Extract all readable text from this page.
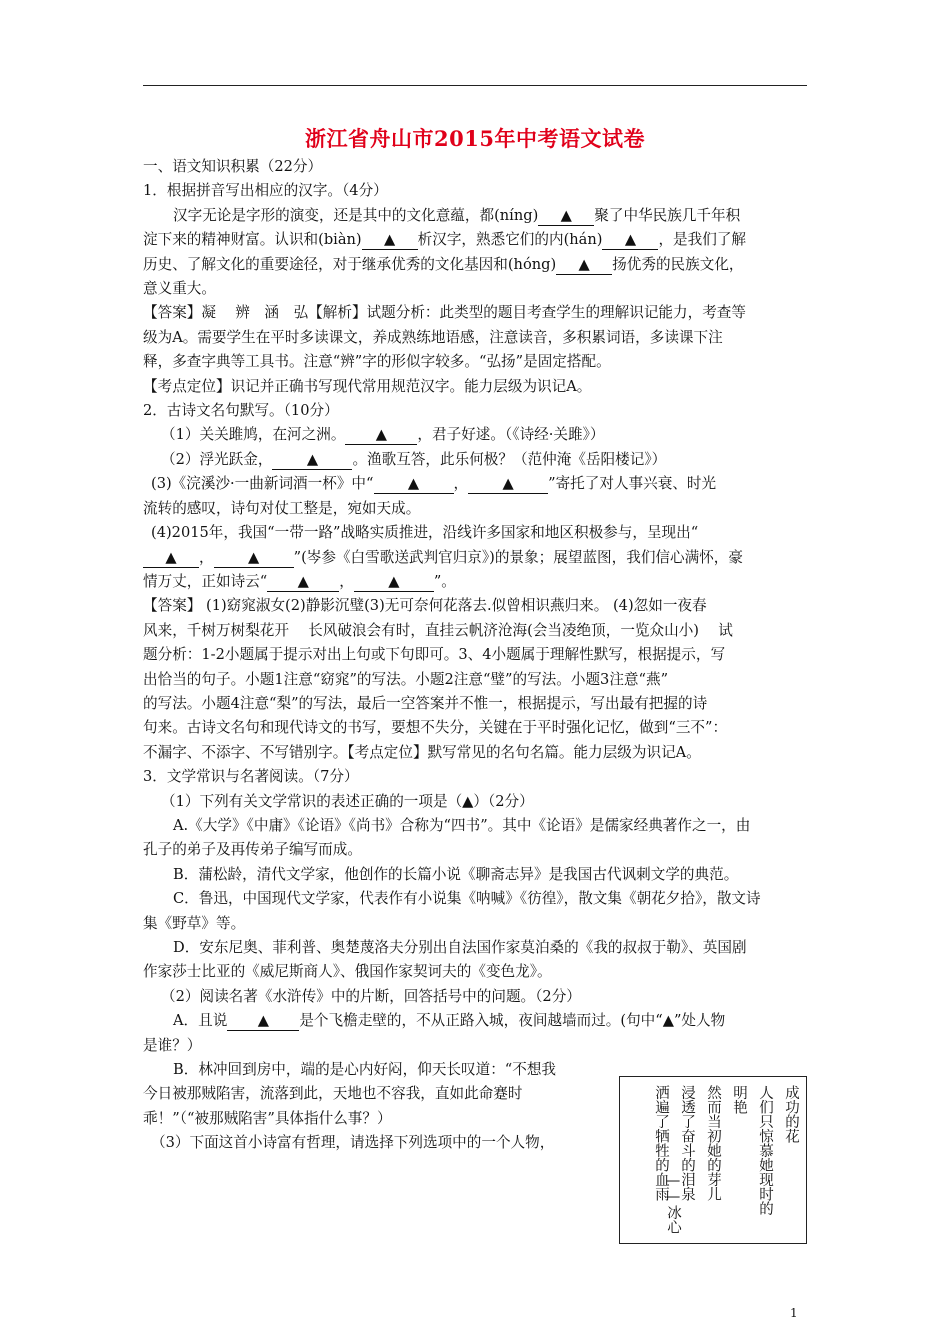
浙江省舟山市2015年中考语文试卷

一、语文知识积累（22分）

1．根据拼音写出相应的汉字。（4分）

汉字无论是字形的演变，还是其中的文化意蕴，都(níng) ▲ 聚了中华民族几千年积

淀下来的精神财富。认识和(biàn) ▲ 析汉字，熟悉它们的内(hán) ▲ ，是我们了解

历史、了解文化的重要途径，对于继承优秀的文化基因和(hóng) ▲ 扬优秀的民族文化，

意义重大。

【答案】凝　 辨　涵　弘【解析】试题分析：此类型的题目考查学生的理解识记能力，考查等

级为A。需要学生在平时多读课文，养成熟练地语感，注意读音，多积累词语，多读课下注

释，多查字典等工具书。注意“辨”字的形似字较多。“弘扬”是固定搭配。

【考点定位】识记并正确书写现代常用规范汉字。能力层级为识记A。

2．古诗文名句默写。（10分）

（1）关关雎鸠，在河之洲。 ▲ ，君子好逑。（《诗经·关雎》）

（2）浮光跃金， ▲ 。渔歌互答，此乐何极？（范仲淹《岳阳楼记》）

(3)《浣溪沙·一曲新词酒一杯》中“ ▲ ， ▲ ”寄托了对人事兴衰、时光

流转的感叹，诗句对仗工整是，宛如天成。

(4)2015年，我国“一带一路”战略实质推进，沿线许多国家和地区积极参与，呈现出“

▲ ， ▲ ”(岑参《白雪歌送武判官归京》)的景象；展望蓝图，我们信心满怀，豪

情万丈，正如诗云“ ▲ ， ▲ ”。

【答案】 (1)窈窕淑女(2)静影沉璧(3)无可奈何花落去.似曾相识燕归来。 (4)忽如一夜春

风来，千树万树梨花开　 长风破浪会有时，直挂云帆济沧海(会当凌绝顶，一览众山小)　 试

题分析：1-2小题属于提示对出上句或下句即可。3、4小题属于理解性默写，根据提示，写

出恰当的句子。小题1注意“窈窕”的写法。小题2注意“璧”的写法。小题3注意“燕”

的写法。小题4注意“梨”的写法，最后一空答案并不惟一，根据提示，写出最有把握的诗

句来。古诗文名句和现代诗文的书写，要想不失分，关键在于平时强化记忆，做到“三不”：

不漏字、不添字、不写错别字。【考点定位】默写常见的名句名篇。能力层级为识记A。

3．文学常识与名著阅读。（7分）

（1）下列有关文学常识的表述正确的一项是（▲）（2分）

A.《大学》《中庸》《论语》《尚书》合称为“四书”。其中《论语》是儒家经典著作之一，由

孔子的弟子及再传弟子编写而成。

B．蒲松龄，清代文学家，他创作的长篇小说《聊斋志异》是我国古代讽刺文学的典范。

C．鲁迅，中国现代文学家，代表作有小说集《呐喊》《彷徨》，散文集《朝花夕拾》，散文诗

集《野草》等。

D．安东尼奥、菲利普、奥楚蔑洛夫分别出自法国作家莫泊桑的《我的叔叔于勒》、英国剧

作家莎士比亚的《威尼斯商人》、俄国作家契诃夫的《变色龙》。

（2）阅读名著《水浒传》中的片断，回答括号中的问题。（2分）

A．且说 ▲ 是个飞檐走壁的，不从正路入城，夜间越墙而过。(句中“▲”处人物

是谁？）

B．林冲回到房中，端的是心内好闷，仰天长叹道：“不想我

今日被那贼陷害，流落到此，天地也不容我，直如此命蹇时

乖！”（“被那贼陷害”具体指什么事？）

（3）下面这首小诗富有哲理，请选择下列选项中的一个人物，	成功的花
人们只惊慕她现时的
明艳
然而当初她的芽儿
浸透了奋斗的泪泉
洒遍了牺牲的血雨
——冰心
1
